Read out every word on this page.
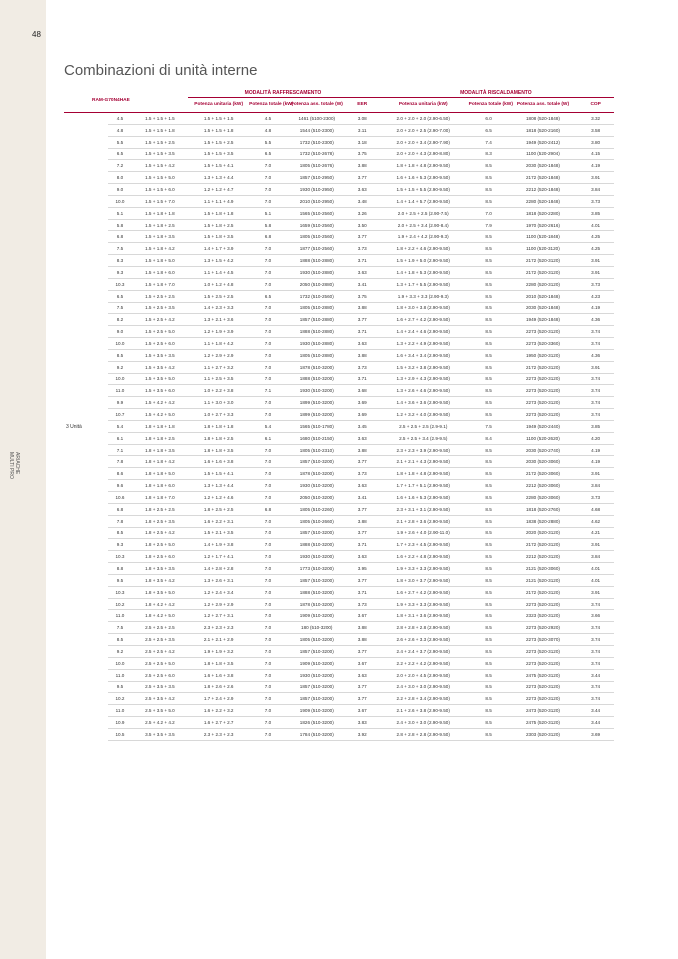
ARIACHE
MULTI PRO
48
Combinazioni di unità interne
			MODALITÀ RAFFRESCAMENTO				MODALITÀ RISCALDAMENTO			
RAM-G70N4HAE			Potenza unitaria (kW)	Potenza totale (kW)	Potenza ass. totale (W)	EER	Potenza unitaria (kW)	Potenza totale (kW)	Potenza ass. totale (W)	COP
3 Unità	4.5	1.5 + 1.5 + 1.5	1.5 + 1.5 + 1.5	4.5	1461 (5100-2300)	3.08	2.0 + 2.0 + 2.0 (2.90-6.50)	6.0	1808 (520-1848)	3.32
	4.8	1.5 + 1.5 + 1.8	1.5 + 1.5 + 1.8	4.8	1544 (510-2300)	3.11	2.0 + 2.0 + 2.5 (2.90-7.00)	6.5	1818 (520-2160)	3.58
	5.5	1.5 + 1.5 + 2.5	1.5 + 1.5 + 2.5	5.5	1732 (510-2300)	3.18	2.0 + 2.0 + 3.4 (2.90-7.90)	7.4	1949 (520-2412)	3.80
	6.5	1.5 + 1.5 + 3.5	1.5 + 1.5 + 3.5	6.5	1732 (510-2678)	3.75	2.0 + 2.0 + 4.3 (2.90-8.80)	8.3	1100 (520-2904)	4.15
	7.2	1.5 + 1.5 + 4.2	1.5 + 1.5 + 4.1	7.0	1805 (510-2676)	3.88	1.8 + 1.8 + 4.8 (2.90-9.50)	8.5	2030 (520-1848)	4.19
	8.0	1.5 + 1.5 + 5.0	1.3 + 1.3 + 4.4	7.0	1857 (510-2950)	3.77	1.6 + 1.6 + 5.3 (2.90-9.50)	8.5	2172 (520-1848)	3.91
	9.0	1.5 + 1.5 + 6.0	1.2 + 1.2 + 4.7	7.0	1930 (510-2950)	3.63	1.5 + 1.5 + 5.5 (2.90-9.50)	8.5	2212 (520-1848)	3.84
	10.0	1.5 + 1.5 + 7.0	1.1 + 1.1 + 4.9	7.0	2010 (510-2950)	3.48	1.4 + 1.4 + 5.7 (2.90-9.50)	8.5	2280 (520-1848)	3.73
	5.1	1.5 + 1.8 + 1.8	1.5 + 1.8 + 1.8	5.1	1565 (510-2560)	3.26	2.0 + 2.5 + 2.5 (2.90-7.5)	7.0	1818 (520-2280)	3.85
	5.8	1.5 + 1.8 + 2.5	1.5 + 1.8 + 2.5	5.8	1659 (510-2560)	3.50	2.0 + 2.5 + 3.4 (2.90-8.4)	7.9	1970 (520-2616)	4.01
	6.8	1.5 + 1.8 + 3.5	1.5 + 1.8 + 3.5	6.8	1805 (510-2560)	3.77	1.9 + 2.4 + 4.2 (2.90-9.3)	8.5	1100 (520-1848)	4.25
	7.5	1.5 + 1.8 + 4.2	1.4 + 1.7 + 3.9	7.0	1877 (510-2560)	3.73	1.8 + 2.2 + 4.6 (2.90-9.50)	8.5	1100 (520-3120)	4.25
	8.3	1.5 + 1.8 + 5.0	1.3 + 1.5 + 4.2	7.0	1888 (510-2880)	3.71	1.5 + 1.9 + 5.0 (2.90-9.50)	8.5	2172 (520-3120)	3.91
	9.3	1.5 + 1.8 + 6.0	1.1 + 1.4 + 4.5	7.0	1930 (510-2880)	3.63	1.4 + 1.8 + 5.3 (2.90-9.50)	8.5	2172 (520-3120)	3.91
	10.3	1.5 + 1.8 + 7.0	1.0 + 1.2 + 4.8	7.0	2050 (510-2880)	3.41	1.3 + 1.7 + 5.5 (2.90-9.50)	8.5	2280 (520-3120)	3.73
	6.5	1.5 + 2.5 + 2.5	1.5 + 2.5 + 2.5	6.5	1732 (510-2560)	3.75	1.9 + 3.3 + 3.3 (2.90-9.3)	8.5	2010 (520-1848)	4.23
	7.5	1.5 + 2.5 + 3.5	1.4 + 2.3 + 3.3	7.0	1805 (510-2880)	3.88	1.8 + 3.0 + 3.8 (2.90-9.50)	8.5	2030 (520-1848)	4.19
	8.2	1.5 + 2.5 + 4.2	1.3 + 2.1 + 3.6	7.0	1857 (510-2880)	3.77	1.6 + 2.7 + 4.2 (2.90-9.50)	8.5	1949 (520-1848)	4.36
	9.0	1.5 + 2.5 + 5.0	1.2 + 1.9 + 3.9	7.0	1888 (510-2880)	3.71	1.4 + 2.4 + 4.6 (2.90-9.50)	8.5	2273 (520-3120)	3.74
	10.0	1.5 + 2.5 + 6.0	1.1 + 1.8 + 4.2	7.0	1930 (510-2880)	3.63	1.3 + 2.2 + 4.9 (2.90-9.50)	8.5	2273 (520-3360)	3.74
	8.5	1.5 + 3.5 + 3.5	1.2 + 2.9 + 2.9	7.0	1805 (510-2880)	3.88	1.6 + 3.4 + 3.4 (2.90-9.50)	8.5	1950 (520-3120)	4.36
	9.2	1.5 + 3.5 + 4.2	1.1 + 2.7 + 3.2	7.0	1878 (510-3200)	3.73	1.5 + 3.2 + 3.8 (2.90-9.50)	8.5	2172 (520-3120)	3.91
	10.0	1.5 + 3.5 + 5.0	1.1 + 2.5 + 3.5	7.0	1888 (510-3200)	3.71	1.3 + 2.9 + 4.3 (2.90-9.50)	8.5	2273 (520-3120)	3.74
	11.0	1.5 + 3.5 + 6.0	1.0 + 2.2 + 3.8	7.1	1930 (510-3200)	3.68	1.3 + 2.6 + 4.6 (2.90-9.50)	8.5	2273 (520-3120)	3.74
	9.9	1.5 + 4.2 + 4.2	1.1 + 3.0 + 3.0	7.0	1899 (510-3200)	3.69	1.4 + 3.6 + 3.6 (2.90-9.50)	8.5	2273 (520-3120)	3.74
	10.7	1.5 + 4.2 + 5.0	1.0 + 2.7 + 3.3	7.0	1899 (510-3200)	3.69	1.2 + 3.2 + 4.0 (2.90-9.50)	8.5	2273 (520-3120)	3.74
	5.4	1.8 + 1.8 + 1.8	1.8 + 1.8 + 1.8	5.4	1565 (510-1780)	3.45	2.5 + 2.5 + 2.5 (2.9-9.1)	7.5	1949 (520-2440)	3.85
	6.1	1.8 + 1.8 + 2.5	1.8 + 1.8 + 2.5	6.1	1680 (510-2150)	3.63	2.5 + 2.5 + 3.4 (2.9-9.5)	8.4	1100 (520-2620)	4.20
	7.1	1.8 + 1.8 + 3.5	1.8 + 1.8 + 3.5	7.0	1805 (510-2310)	3.88	2.3 + 2.3 + 3.9 (2.90-9.50)	8.5	2030 (520-2740)	4.19
	7.8	1.8 + 1.8 + 4.2	1.6 + 1.6 + 3.8	7.0	1857 (510-3200)	3.77	2.1 + 2.1 + 4.3 (2.90-9.50)	8.5	2030 (520-3060)	4.19
	8.6	1.8 + 1.8 + 5.0	1.5 + 1.5 + 4.1	7.0	1878 (510-3200)	3.73	1.8 + 1.8 + 4.8 (2.90-9.50)	8.5	2172 (520-3060)	3.91
	9.6	1.8 + 1.8 + 6.0	1.3 + 1.3 + 4.4	7.0	1930 (510-3200)	3.63	1.7 + 1.7 + 5.1 (2.90-9.50)	8.5	2212 (520-3060)	3.84
	10.6	1.8 + 1.8 + 7.0	1.2 + 1.2 + 4.6	7.0	2050 (510-3200)	3.41	1.6 + 1.6 + 5.3 (2.90-9.50)	8.5	2280 (520-3060)	3.73
	6.8	1.8 + 2.5 + 2.5	1.8 + 2.5 + 2.5	6.8	1805 (510-2260)	3.77	2.3 + 3.1 + 3.1 (2.90-9.50)	8.5	1818 (520-2760)	4.68
	7.8	1.8 + 2.5 + 3.5	1.6 + 2.2 + 3.1	7.0	1805 (510-2660)	3.88	2.1 + 2.8 + 3.6 (2.90-9.50)	8.5	1838 (520-2880)	4.62
	8.5	1.8 + 2.5 + 4.2	1.5 + 2.1 + 3.5	7.0	1857 (510-3200)	3.77	1.9 + 2.6 + 4.0 (2.90-11.0)	8.5	2020 (520-3120)	4.21
	9.3	1.8 + 2.5 + 5.0	1.4 + 1.9 + 3.8	7.0	1888 (510-3200)	3.71	1.7 + 2.3 + 4.5 (2.90-9.50)	8.5	2172 (520-3120)	3.91
	10.3	1.8 + 2.5 + 6.0	1.2 + 1.7 + 4.1	7.0	1930 (510-3200)	3.63	1.6 + 2.2 + 4.8 (2.90-9.50)	8.5	2212 (520-3120)	3.84
	8.8	1.8 + 3.5 + 3.5	1.4 + 2.8 + 2.8	7.0	1773 (510-3200)	3.95	1.9 + 3.3 + 3.3 (2.90-9.50)	8.5	2121 (520-3060)	4.01
	9.5	1.8 + 3.5 + 4.2	1.3 + 2.6 + 3.1	7.0	1857 (510-3200)	3.77	1.8 + 3.0 + 3.7 (2.90-9.50)	8.5	2121 (520-3120)	4.01
	10.3	1.8 + 3.5 + 5.0	1.2 + 2.4 + 3.4	7.0	1888 (510-3200)	3.71	1.6 + 2.7 + 4.2 (2.90-9.50)	8.5	2172 (520-3120)	3.91
	10.2	1.8 + 4.2 + 4.2	1.2 + 2.9 + 2.9	7.0	1878 (510-3200)	3.73	1.9 + 3.3 + 3.3 (2.90-9.50)	8.5	2273 (520-3120)	3.74
	11.0	1.8 + 4.2 + 5.0	1.2 + 2.7 + 3.1	7.0	1909 (510-3200)	3.67	1.8 + 3.1 + 3.6 (2.90-9.50)	8.5	2323 (520-3120)	3.66
	7.5	2.5 + 2.5 + 2.5	2.3 + 2.3 + 2.3	7.0	180 (510-3200)	3.88	2.8 + 2.8 + 2.8 (2.90-9.50)	8.5	2273 (520-2920)	3.74
	8.5	2.5 + 2.5 + 3.5	2.1 + 2.1 + 2.9	7.0	1805 (510-3200)	3.88	2.6 + 2.6 + 3.3 (2.90-9.50)	8.5	2273 (520-3070)	3.74
	9.2	2.5 + 2.5 + 4.2	1.9 + 1.9 + 3.2	7.0	1857 (510-3200)	3.77	2.4 + 2.4 + 3.7 (2.90-9.50)	8.5	2273 (520-3120)	3.74
	10.0	2.5 + 2.5 + 5.0	1.8 + 1.8 + 3.5	7.0	1909 (510-3200)	3.67	2.2 + 2.2 + 4.2 (2.90-9.50)	8.5	2273 (520-3120)	3.74
	11.0	2.5 + 2.5 + 6.0	1.6 + 1.6 + 3.8	7.0	1930 (510-3200)	3.63	2.0 + 2.0 + 4.5 (2.90-9.50)	8.5	2475 (520-3120)	3.44
	9.5	2.5 + 3.5 + 3.5	1.8 + 2.6 + 2.6	7.0	1857 (510-3200)	3.77	2.4 + 3.0 + 3.0 (2.90-9.50)	8.5	2273 (520-3120)	3.74
	10.2	2.5 + 3.5 + 4.2	1.7 + 2.4 + 2.9	7.0	1857 (510-3200)	3.77	2.2 + 2.8 + 3.4 (2.90-9.50)	8.5	2273 (520-3120)	3.74
	11.0	2.5 + 3.5 + 5.0	1.6 + 2.2 + 3.2	7.0	1909 (510-3200)	3.67	2.1 + 2.6 + 3.8 (2.90-9.50)	8.5	2473 (520-3120)	3.44
	10.9	2.5 + 4.2 + 4.2	1.6 + 2.7 + 2.7	7.0	1826 (510-3200)	3.83	2.4 + 3.0 + 3.0 (2.90-9.50)	8.5	2475 (520-3120)	3.44
	10.5	3.5 + 3.5 + 3.5	2.3 + 2.3 + 2.3	7.0	1784 (510-3200)	3.92	2.8 + 2.8 + 2.8 (2.90-9.50)	8.5	2303 (520-3120)	3.69
